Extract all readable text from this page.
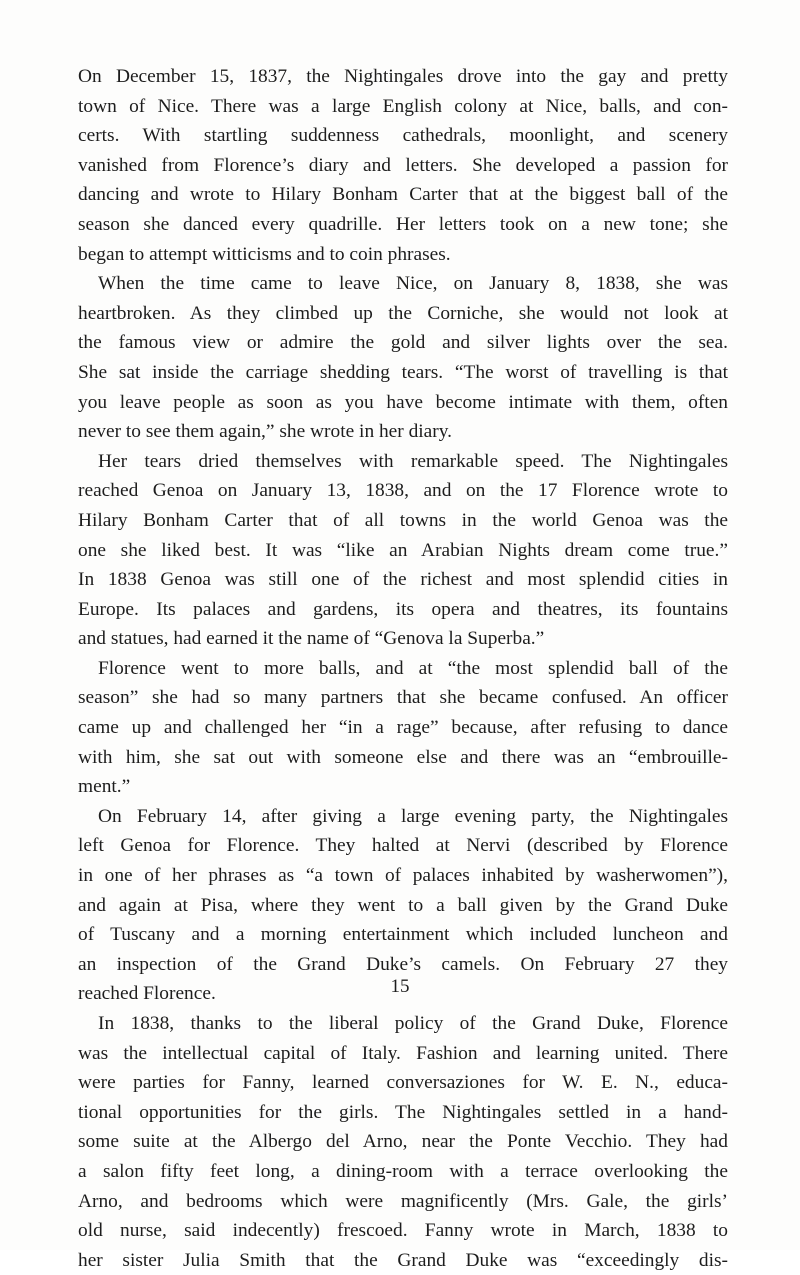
On December 15, 1837, the Nightingales drove into the gay and pretty
town of Nice. There was a large English colony at Nice, balls, and con-
certs. With startling suddenness cathedrals, moonlight, and scenery
vanished from Florence’s diary and letters. She developed a passion for
dancing and wrote to Hilary Bonham Carter that at the biggest ball of the
season she danced every quadrille. Her letters took on a new tone; she
began to attempt witticisms and to coin phrases.
When the time came to leave Nice, on January 8, 1838, she was
heartbroken. As they climbed up the Corniche, she would not look at
the famous view or admire the gold and silver lights over the sea.
She sat inside the carriage shedding tears. “The worst of travelling is that
you leave people as soon as you have become intimate with them, often
never to see them again,” she wrote in her diary.
Her tears dried themselves with remarkable speed. The Nightingales
reached Genoa on January 13, 1838, and on the 17 Florence wrote to
Hilary Bonham Carter that of all towns in the world Genoa was the
one she liked best. It was “like an Arabian Nights dream come true.”
In 1838 Genoa was still one of the richest and most splendid cities in
Europe. Its palaces and gardens, its opera and theatres, its fountains
and statues, had earned it the name of “Genova la Superba.”
Florence went to more balls, and at “the most splendid ball of the
season” she had so many partners that she became confused. An officer
came up and challenged her “in a rage” because, after refusing to dance
with him, she sat out with someone else and there was an “embrouille-
ment.”
On February 14, after giving a large evening party, the Nightingales
left Genoa for Florence. They halted at Nervi (described by Florence
in one of her phrases as “a town of palaces inhabited by washerwomen”),
and again at Pisa, where they went to a ball given by the Grand Duke
of Tuscany and a morning entertainment which included luncheon and
an inspection of the Grand Duke’s camels. On February 27 they
reached Florence.
In 1838, thanks to the liberal policy of the Grand Duke, Florence
was the intellectual capital of Italy. Fashion and learning united. There
were parties for Fanny, learned conversaziones for W. E. N., educa-
tional opportunities for the girls. The Nightingales settled in a hand-
some suite at the Albergo del Arno, near the Ponte Vecchio. They had
a salon fifty feet long, a dining-room with a terrace overlooking the
Arno, and bedrooms which were magnificently (Mrs. Gale, the girls’
old nurse, said indecently) frescoed. Fanny wrote in March, 1838 to
her sister Julia Smith that the Grand Duke was “exceedingly dis-
15
